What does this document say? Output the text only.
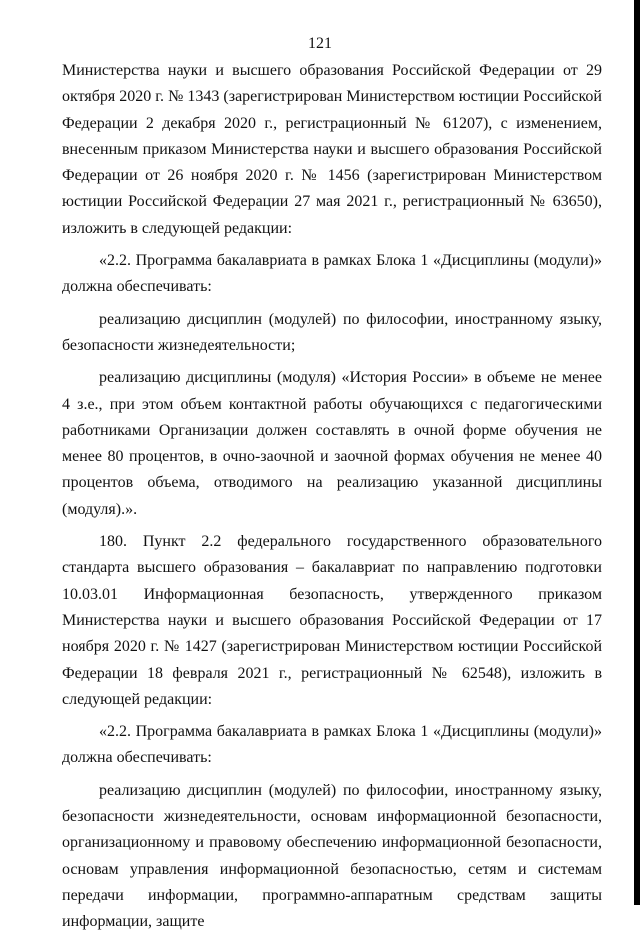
121

Министерства науки и высшего образования Российской Федерации от 29 октября 2020 г. № 1343 (зарегистрирован Министерством юстиции Российской Федерации 2 декабря 2020 г., регистрационный № 61207), с изменением, внесенным приказом Министерства науки и высшего образования Российской Федерации от 26 ноября 2020 г. № 1456 (зарегистрирован Министерством юстиции Российской Федерации 27 мая 2021 г., регистрационный № 63650), изложить в следующей редакции:

«2.2. Программа бакалавриата в рамках Блока 1 «Дисциплины (модули)» должна обеспечивать:

реализацию дисциплин (модулей) по философии, иностранному языку, безопасности жизнедеятельности;

реализацию дисциплины (модуля) «История России» в объеме не менее 4 з.е., при этом объем контактной работы обучающихся с педагогическими работниками Организации должен составлять в очной форме обучения не менее 80 процентов, в очно-заочной и заочной формах обучения не менее 40 процентов объема, отводимого на реализацию указанной дисциплины (модуля).».

180. Пункт 2.2 федерального государственного образовательного стандарта высшего образования – бакалавриат по направлению подготовки 10.03.01 Информационная безопасность, утвержденного приказом Министерства науки и высшего образования Российской Федерации от 17 ноября 2020 г. № 1427 (зарегистрирован Министерством юстиции Российской Федерации 18 февраля 2021 г., регистрационный № 62548), изложить в следующей редакции:

«2.2. Программа бакалавриата в рамках Блока 1 «Дисциплины (модули)» должна обеспечивать:

реализацию дисциплин (модулей) по философии, иностранному языку, безопасности жизнедеятельности, основам информационной безопасности, организационному и правовому обеспечению информационной безопасности, основам управления информационной безопасностью, сетям и системам передачи информации, программно-аппаратным средствам защиты информации, защите
